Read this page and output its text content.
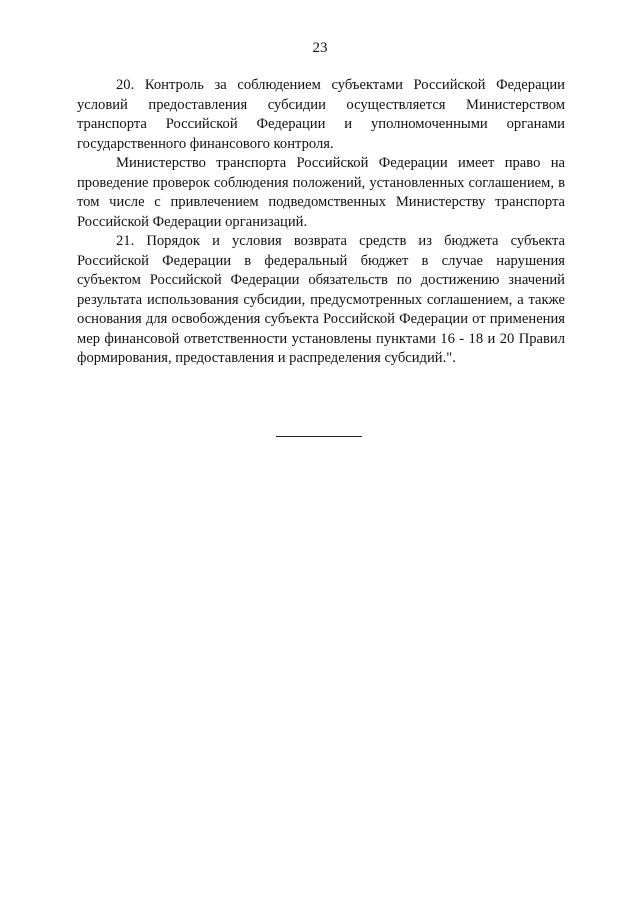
23

20. Контроль за соблюдением субъектами Российской Федерации условий предоставления субсидии осуществляется Министерством транспорта Российской Федерации и уполномоченными органами государственного финансового контроля.

Министерство транспорта Российской Федерации имеет право на проведение проверок соблюдения положений, установленных соглашением, в том числе с привлечением подведомственных Министерству транспорта Российской Федерации организаций.

21. Порядок и условия возврата средств из бюджета субъекта Российской Федерации в федеральный бюджет в случае нарушения субъектом Российской Федерации обязательств по достижению значений результата использования субсидии, предусмотренных соглашением, а также основания для освобождения субъекта Российской Федерации от применения мер финансовой ответственности установлены пунктами 16 - 18 и 20 Правил формирования, предоставления и распределения субсидий.".
